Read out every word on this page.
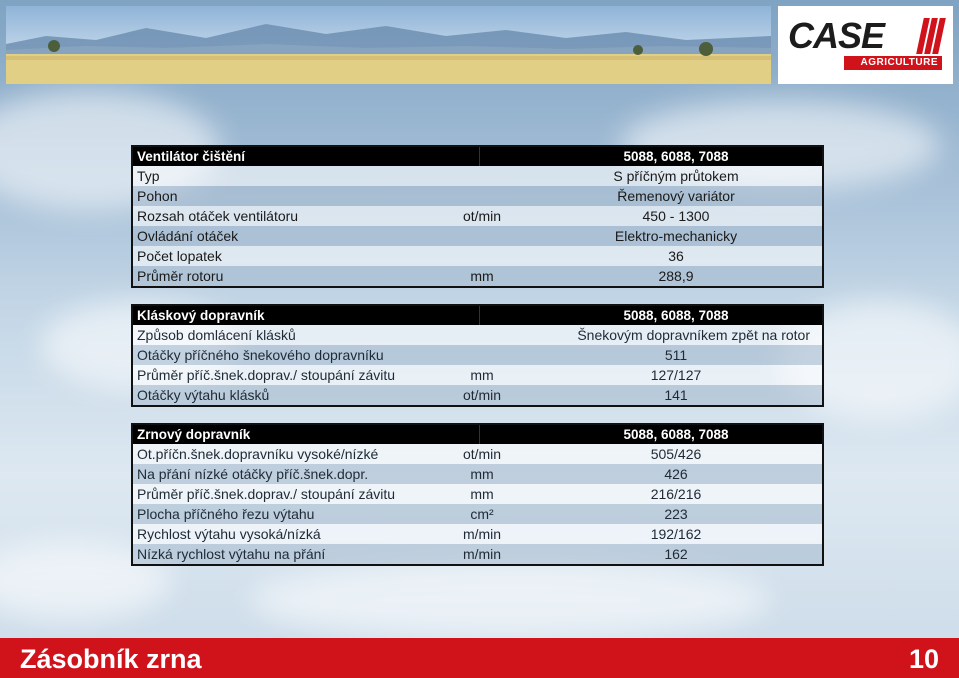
CASE
AGRICULTURE
Ventilátor čištění	5088, 6088, 7088
Typ	S příčným průtokem
Pohon	Řemenový variátor
Rozsah otáček ventilátoru	ot/min	450 - 1300
Ovládání otáček	Elektro-mechanicky
Počet lopatek	36
Průměr rotoru	mm	288,9
Kláskový dopravník	5088, 6088, 7088
Způsob domlácení klásků	Šnekovým dopravníkem zpět na rotor
Otáčky příčného šnekového dopravníku	511
Průměr příč.šnek.doprav./ stoupání závitu	mm	127/127
Otáčky výtahu klásků	ot/min	141
Zrnový dopravník	5088, 6088, 7088
Ot.příčn.šnek.dopravníku vysoké/nízké	ot/min	505/426
Na přání nízké otáčky příč.šnek.dopr.	mm	426
Průměr příč.šnek.doprav./ stoupání závitu	mm	216/216
Plocha příčného řezu výtahu	cm²	223
Rychlost výtahu vysoká/nízká	m/min	192/162
Nízká rychlost výtahu na přání	m/min	162
Zásobník zrna	10
